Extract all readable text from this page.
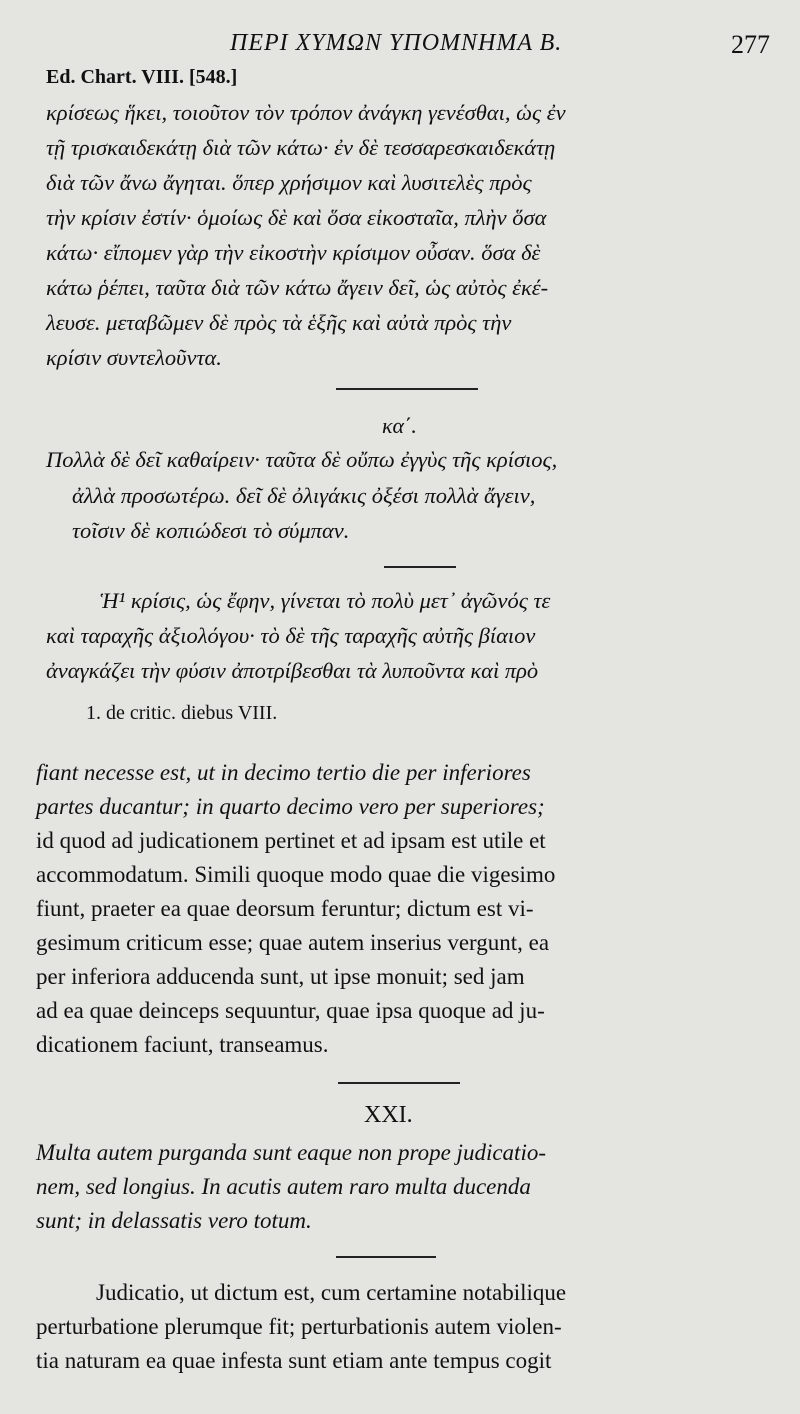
ΠΕΡΙ ΧΥΜΩΝ ΥΠΟΜΝΗΜΑ Β.	277
Ed. Chart. VIII. [548.]
κρίσεως ἥκει, τοιοῦτον τὸν τρόπον ἀνάγκη γενέσθαι, ὡς ἐν
τῇ τρισκαιδεκάτῃ διὰ τῶν κάτω· ἐν δὲ τεσσαρεσκαιδεκάτῃ
διὰ τῶν ἄνω ἄγηται. ὅπερ χρήσιμον καὶ λυσιτελὲς πρὸς
τὴν κρίσιν ἐστίν· ὁμοίως δὲ καὶ ὅσα εἰκοσταῖα, πλὴν ὅσα
κάτω· εἴπομεν γὰρ τὴν εἰκοστὴν κρίσιμον οὖσαν. ὅσα δὲ
κάτω ῥέπει, ταῦτα διὰ τῶν κάτω ἄγειν δεῖ, ὡς αὐτὸς ἐκέ-
λευσε. μεταβῶμεν δὲ πρὸς τὰ ἑξῆς καὶ αὐτὰ πρὸς τὴν
κρίσιν συντελοῦντα.
κα΄.
Πολλὰ δὲ δεῖ καθαίρειν· ταῦτα δὲ οὔπω ἐγγὺς τῆς κρίσιος,
ἀλλὰ προσωτέρω. δεῖ δὲ ὀλιγάκις ὀξέσι πολλὰ ἄγειν,
τοῖσιν δὲ κοπιώδεσι τὸ σύμπαν.
Ἡ¹ κρίσις, ὡς ἔφην, γίνεται τὸ πολὺ μετ᾽ ἀγῶνός τε
καὶ ταραχῆς ἀξιολόγου· τὸ δὲ τῆς ταραχῆς αὐτῆς βίαιον
ἀναγκάζει τὴν φύσιν ἀποτρίβεσθαι τὰ λυποῦντα καὶ πρὸ
1. de critic. diebus VIII.
fiant necesse est, ut in decimo tertio die per inferiores
partes ducantur; in quarto decimo vero per superiores;
id quod ad judicationem pertinet et ad ipsam est utile et
accommodatum. Simili quoque modo quae die vigesimo
fiunt, praeter ea quae deorsum feruntur; dictum est vi-
gesimum criticum esse; quae autem inserius vergunt, ea
per inferiora adducenda sunt, ut ipse monuit; sed jam
ad ea quae deinceps sequuntur, quae ipsa quoque ad ju-
dicationem faciunt, transeamus.
XXI.
Multa autem purganda sunt eaque non prope judicatio-
nem, sed longius. In acutis autem raro multa ducenda
sunt; in delassatis vero totum.
Judicatio, ut dictum est, cum certamine notabilique
perturbatione plerumque fit; perturbationis autem violen-
tia naturam ea quae infesta sunt etiam ante tempus cogit
